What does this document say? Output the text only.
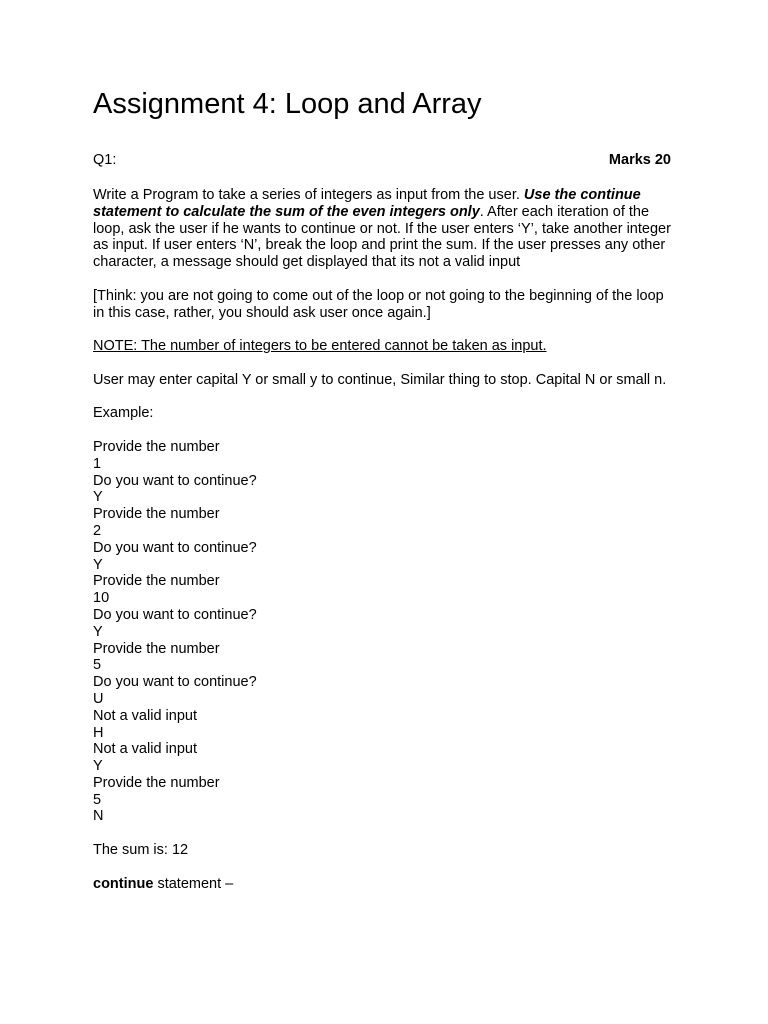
Assignment 4: Loop and Array
Q1:	Marks 20

Write a Program to take a series of integers as input from the user. Use the continue statement to calculate the sum of the even integers only. After each iteration of the loop, ask the user if he wants to continue or not. If the user enters ‘Y’, take another integer as input. If user enters ‘N’, break the loop and print the sum. If the user presses any other character, a message should get displayed that its not a valid input

[Think: you are not going to come out of the loop or not going to the beginning of the loop in this case, rather, you should ask user once again.]

NOTE: The number of integers to be entered cannot be taken as input.

User may enter capital Y or small y to continue, Similar thing to stop. Capital N or small n.

Example:

Provide the number
1
Do you want to continue?
Y
Provide the number
2
Do you want to continue?
Y
Provide the number
10
Do you want to continue?
Y
Provide the number
5
Do you want to continue?
U
Not a valid input
H
Not a valid input
Y
Provide the number
5
N

The sum is: 12

continue statement –
